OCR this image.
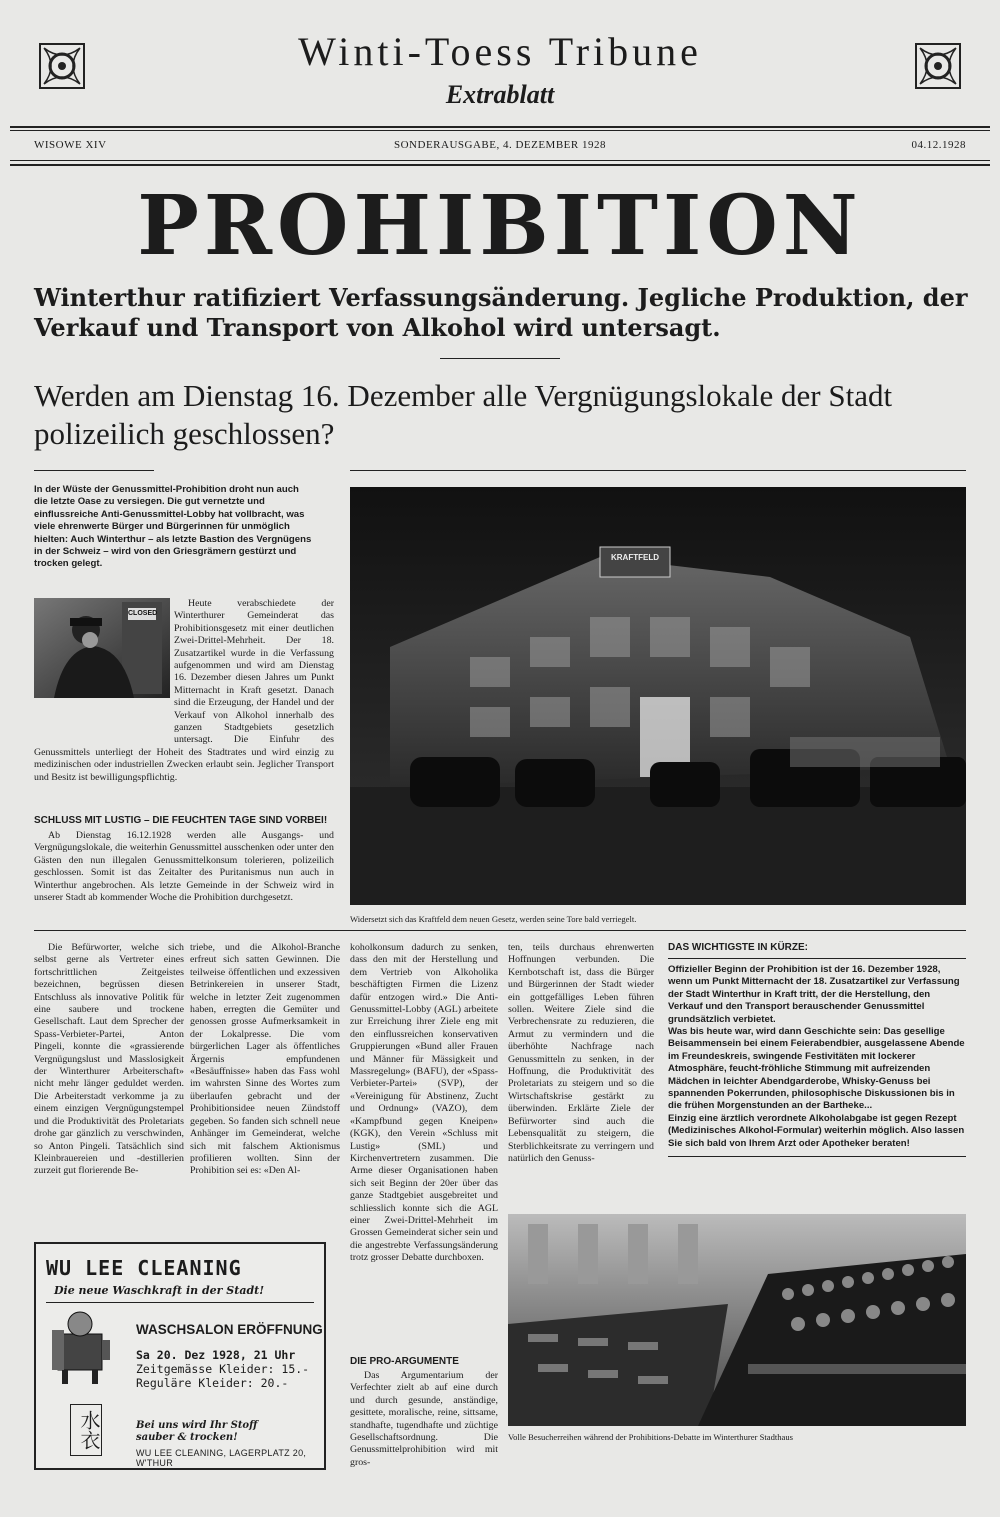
Winti-Toess Tribune
Extrablatt
WISOWE XIV	SONDERAUSGABE, 4. DEZEMBER 1928	04.12.1928
PROHIBITION
Winterthur ratifiziert Verfassungsänderung. Jegliche Produktion, der Verkauf und Transport von Alkohol wird untersagt.
Werden am Dienstag 16. Dezember alle Vergnügungslokale der Stadt polizeilich geschlossen?
In der Wüste der Genussmittel-Prohibition droht nun auch die letzte Oase zu versiegen. Die gut vernetzte und einflussreiche Anti-Genussmittel-Lobby hat vollbracht, was viele ehrenwerte Bürger und Bürgerinnen für unmöglich hielten: Auch Winterthur – als letzte Bastion des Vergnügens in der Schweiz – wird von den Griesgrämern gestürzt und trocken gelegt.
CLOSED
Heute verabschiedete der Winterthurer Gemeinderat das Prohibitionsgesetz mit einer deutlichen Zwei-Drittel-Mehrheit. Der 18. Zusatzartikel wurde in die Verfassung aufgenommen und wird am Dienstag 16. Dezember diesen Jahres um Punkt Mitternacht in Kraft gesetzt. Danach sind die Erzeugung, der Handel und der Verkauf von Alkohol innerhalb des ganzen Stadtgebiets gesetzlich untersagt. Die Einfuhr des Genussmittels unterliegt der Hoheit des Stadtrates und wird einzig zu medizinischen oder industriellen Zwecken erlaubt sein. Jeglicher Transport und Besitz ist bewilligungspflichtig.
SCHLUSS MIT LUSTIG – DIE FEUCHTEN TAGE SIND VORBEI!
Ab Dienstag 16.12.1928 werden alle Ausgangs- und Vergnügungslokale, die weiterhin Genussmittel ausschenken oder unter den Gästen den nun illegalen Genussmittelkonsum tolerieren, polizeilich geschlossen. Somit ist das Zeitalter des Puritanismus nun auch in Winterthur angebrochen. Als letzte Gemeinde in der Schweiz wird in unserer Stadt ab kommender Woche die Prohibition durchgesetzt.
KRAFTFELD
Widersetzt sich das Kraftfeld dem neuen Gesetz, werden seine Tore bald verriegelt.
Die Befürworter, welche sich selbst gerne als Vertreter eines fortschrittlichen Zeitgeistes bezeichnen, begrüssen diesen Entschluss als innovative Politik für eine saubere und trockene Gesellschaft. Laut dem Sprecher der Spass-Verbieter-Partei, Anton Pingeli, konnte die «grassierende Vergnügungslust und Masslosigkeit der Winterthurer Arbeiterschaft» nicht mehr länger geduldet werden. Die Arbeiterstadt verkomme ja zu einem einzigen Vergnügungstempel und die Produktivität des Proletariats drohe gar gänzlich zu verschwinden, so Anton Pingeli. Tatsächlich sind Kleinbrauereien und -destillerien zurzeit gut florierende Be-
triebe, und die Alkohol-Branche erfreut sich satten Gewinnen. Die teilweise öffentlichen und exzessiven Betrinkereien in unserer Stadt, welche in letzter Zeit zugenommen haben, erregten die Gemüter und genossen grosse Aufmerksamkeit in der Lokalpresse. Die vom bürgerlichen Lager als öffentliches Ärgernis empfundenen «Besäuffnisse» haben das Fass wohl im wahrsten Sinne des Wortes zum überlaufen gebracht und der Prohibitionsidee neuen Zündstoff gegeben. So fanden sich schnell neue Anhänger im Gemeinderat, welche sich mit falschem Aktionismus profilieren wollten. Sinn der Prohibition sei es: «Den Al-
koholkonsum dadurch zu senken, dass den mit der Herstellung und dem Vertrieb von Alkoholika beschäftigten Firmen die Lizenz dafür entzogen wird.» Die Anti-Genussmittel-Lobby (AGL) arbeitete zur Erreichung ihrer Ziele eng mit den einflussreichen konservativen Gruppierungen «Bund aller Frauen und Männer für Mässigkeit und Massregelung» (BAFU), der «Spass-Verbieter-Partei» (SVP), der «Vereinigung für Abstinenz, Zucht und Ordnung» (VAZO), dem «Kampfbund gegen Kneipen» (KGK), den Verein «Schluss mit Lustig» (SML) und Kirchenvertretern zusammen. Die Arme dieser Organisationen haben sich seit Beginn der 20er über das ganze Stadtgebiet ausgebreitet und schliesslich konnte sich die AGL einer Zwei-Drittel-Mehrheit im Grossen Gemeinderat sicher sein und die angestrebte Verfassungsänderung trotz grosser Debatte durchboxen.
ten, teils durchaus ehrenwerten Hoffnungen verbunden. Die Kernbotschaft ist, dass die Bürger und Bürgerinnen der Stadt wieder ein gottgefälliges Leben führen sollen. Weitere Ziele sind die Verbrechensrate zu reduzieren, die Armut zu vermindern und die überhöhte Nachfrage nach Genussmitteln zu senken, in der Hoffnung, die Produktivität des Proletariats zu steigern und so die Wirtschaftskrise gestärkt zu überwinden. Erklärte Ziele der Befürworter sind auch die Lebensqualität zu steigern, die Sterblichkeitsrate zu verringern und natürlich den Genuss-
DIE PRO-ARGUMENTE
Das Argumentarium der Verfechter zielt ab auf eine durch und durch gesunde, anständige, gesittete, moralische, reine, sittsame, standhafte, tugendhafte und züchtige Gesellschaftsordnung. Die Genussmittelprohibition wird mit gros-
DAS WICHTIGSTE IN KÜRZE:
Offizieller Beginn der Prohibition ist der 16. Dezember 1928, wenn um Punkt Mitternacht der 18. Zusatzartikel zur Verfassung der Stadt Winterthur in Kraft tritt, der die Herstellung, den Verkauf und den Transport berauschender Genussmittel grundsätzlich verbietet.
Was bis heute war, wird dann Geschichte sein: Das gesellige Beisammensein bei einem Feierabendbier, ausgelassene Abende im Freundeskreis, swingende Festivitäten mit lockerer Atmosphäre, feucht-fröhliche Stimmung mit aufreizenden Mädchen in leichter Abendgarderobe, Whisky-Genuss bei spannenden Pokerrunden, philosophische Diskussionen bis in die frühen Morgenstunden an der Bartheke...
Einzig eine ärztlich verordnete Alkoholabgabe ist gegen Rezept (Medizinisches Alkohol-Formular) weiterhin möglich. Also lassen Sie sich bald von Ihrem Arzt oder Apotheker beraten!
WU LEE CLEANING
Die neue Waschkraft in der Stadt!
WASCHSALON ERÖFFNUNG
Sa 20. Dez 1928, 21 Uhr
Zeitgemässe Kleider: 15.-
Reguläre Kleider: 20.-
水衣	Bei uns wird Ihr Stoff
sauber & trocken!
WU LEE CLEANING, LAGERPLATZ 20, W'THUR
Volle Besucherreihen während der Prohibitions-Debatte im Winterthurer Stadthaus
